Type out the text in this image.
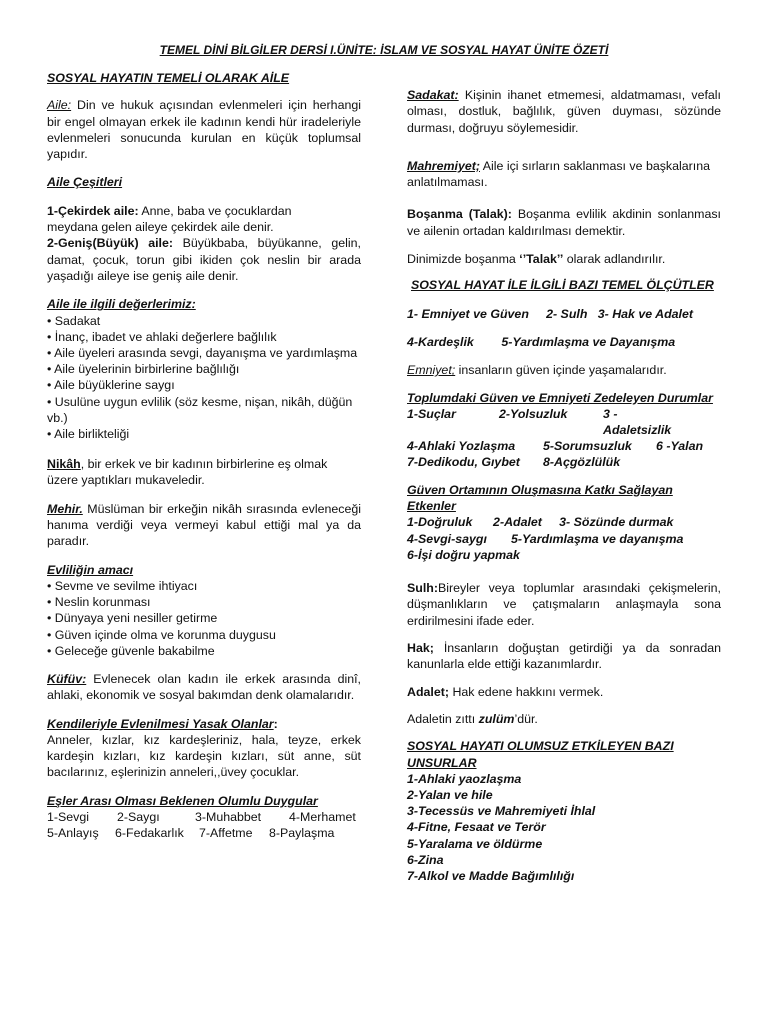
TEMEL DİNİ BİLGİLER DERSİ I.ÜNİTE: İSLAM VE SOSYAL HAYAT ÜNİTE ÖZETİ

SOSYAL HAYATIN TEMELİ OLARAK AİLE

Aile: Din ve hukuk açısından evlenmeleri için herhangi bir engel olmayan erkek ile kadının kendi hür iradeleriyle evlenmeleri sonucunda kurulan en küçük toplumsal yapıdır.

Aile Çeşitleri

1-Çekirdek aile: Anne, baba ve çocuklardan
meydana gelen aileye çekirdek aile denir.

2-Geniş(Büyük) aile: Büyükbaba, büyükanne, gelin, damat, çocuk, torun gibi ikiden çok neslin bir arada yaşadığı aileye ise geniş aile denir.

Aile ile ilgili değerlerimiz:

• Sadakat
• İnanç, ibadet ve ahlaki değerlere bağlılık
• Aile üyeleri arasında sevgi, dayanışma ve yardımlaşma
• Aile üyelerinin birbirlerine bağlılığı
• Aile büyüklerine saygı
• Usulüne uygun evlilik (söz kesme, nişan, nikâh, düğün vb.)
• Aile birlikteliği

Nikâh, bir erkek ve bir kadının birbirlerine eş olmak üzere yaptıkları mukaveledir.

Mehir. Müslüman bir erkeğin nikâh sırasında evleneceği hanıma verdiği veya vermeyi kabul ettiği mal ya da paradır.

Evliliğin amacı

• Sevme ve sevilme ihtiyacı
• Neslin korunması
• Dünyaya yeni nesiller getirme
• Güven içinde olma ve korunma duygusu
• Geleceğe güvenle bakabilme

Küfüv: Evlenecek olan kadın ile erkek arasında dinî, ahlaki, ekonomik ve sosyal bakımdan denk olamalarıdır.

Kendileriyle Evlenilmesi Yasak Olanlar:

Anneler, kızlar, kız kardeşleriniz, hala, teyze, erkek kardeşin kızları, kız kardeşin kızları, süt anne, süt bacılarınız, eşlerinizin anneleri,,üvey çocuklar.

Eşler Arası Olması Beklenen Olumlu Duygular

1-Sevgi	2-Saygı	3-Muhabbet	4-Merhamet
5-Anlayış	6-Fedakarlık	7-Affetme	8-Paylaşma

Sadakat: Kişinin ihanet etmemesi, aldatmaması, vefalı olması, dostluk, bağlılık, güven duyması, sözünde durması, doğruyu söylemesidir.

Mahremiyet; Aile içi sırların saklanması ve başkalarına anlatılmaması.

Boşanma (Talak): Boşanma evlilik akdinin sonlanması ve ailenin ortadan kaldırılması demektir.

Dinimizde boşanma ‘’Talak’’ olarak adlandırılır.

SOSYAL HAYAT İLE İLGİLİ BAZI TEMEL ÖLÇÜTLER

1- Emniyet ve Güven     2- Sulh   3- Hak ve Adalet

4-Kardeşlik        5-Yardımlaşma ve Dayanışma

Emniyet; insanların güven içinde yaşamalarıdır.

Toplumdaki Güven ve Emniyeti Zedeleyen Durumlar

1-Suçlar	2-Yolsuzluk	3 -Adaletsizlik
4-Ahlaki Yozlaşma	5-Sorumsuzluk	6 -Yalan
7-Dedikodu, Gıybet	8-Açgözlülük

Güven Ortamının Oluşmasına Katkı Sağlayan Etkenler

1-Doğruluk      2-Adalet     3- Sözünde durmak

4-Sevgi-saygı       5-Yardımlaşma ve dayanışma

6-İşi doğru yapmak

Sulh:Bireyler veya toplumlar arasındaki çekişmelerin, düşmanlıkların ve çatışmaların anlaşmayla sona erdirilmesini ifade eder.

Hak; İnsanların doğuştan getirdiği ya da sonradan kanunlarla elde ettiği kazanımlardır.

Adalet; Hak edene hakkını vermek.

Adaletin zıttı zulüm’dür.

SOSYAL HAYATI OLUMSUZ ETKİLEYEN BAZI UNSURLAR

1-Ahlaki yaozlaşma
2-Yalan ve hile
3-Tecessüs ve Mahremiyeti İhlal
4-Fitne, Fesaat ve Terör
5-Yaralama ve öldürme
6-Zina
7-Alkol ve Madde Bağımlılığı
